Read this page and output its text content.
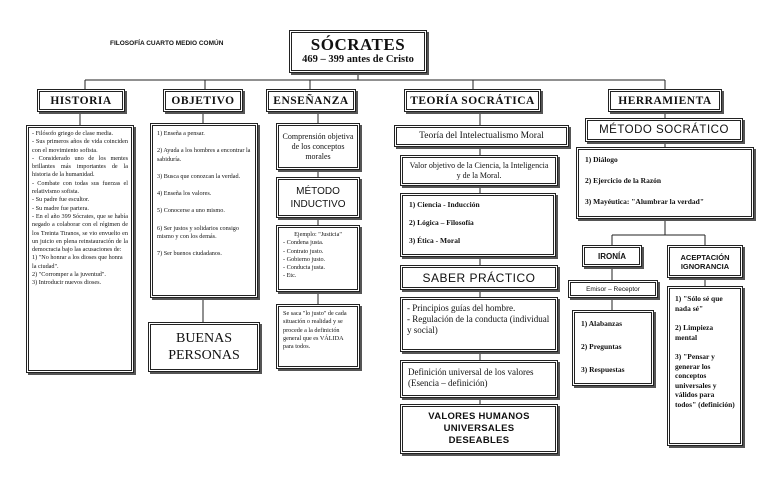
FILOSOFÍA CUARTO MEDIO COMÚN	SÓCRATES
469 – 399 antes de Cristo
HISTORIA

- Filósofo griego de clase media.

- Sus primeros años de vida coinciden con el movimiento sofista.

- Considerado uno de los mentes brillantes más importantes de la historia de la humanidad.

- Combate con todas sus fuerzas el relativismo sofista.

- Su padre fue escultor.

- Su madre fue partera.

- En el año 399 Sócrates, que se había negado a colaborar con el régimen de los Treinta Tiranos, se vio envuelto en un juicio en plena reinstauración de la democracia bajo las acusaciones de:

1) "No honrar a los dioses que honra la ciudad".

2) "Corromper a la juventud".

3) Introducir nuevos dioses.

OBJETIVO

1) Enseña a pensar.

2) Ayuda a los hombres a encontrar la sabiduría.

3) Busca que conozcan la verdad.

4) Enseña los valores.

5) Conocerse a uno mismo.

6) Ser justos y solidarios consigo mismo y con los demás.

7) Ser buenos ciudadanos.

BUENAS PERSONAS
ENSEÑANZA
Comprensión objetiva de los conceptos morales
MÉTODO INDUCTIVO

Ejemplo: "Justicia"

- Condena justa.

- Contrato justo.

- Gobierno justo.

- Conducta justa.

- Etc.

Se saca "lo justo" de cada situación o realidad y se procede a la definición general que es VÁLIDA para todos.
TEORÍA SOCRÁTICA
Teoría del Intelectualismo Moral
Valor objetivo de la Ciencia, la Inteligencia y de la Moral.
1) Ciencia - Inducción
2) Lógica – Filosofía
3) Ética - Moral
SABER PRÁCTICO
- Principios guías del hombre.
- Regulación de la conducta (individual y social)
Definición universal de los valores (Esencia – definición)
VALORES HUMANOS UNIVERSALES DESEABLES
HERRAMIENTA
MÉTODO SOCRÁTICO
1) Diálogo
2) Ejercicio de la Razón
3) Mayéutica: "Alumbrar la verdad"
IRONÍA
Emisor – Receptor
1) Alabanzas
2) Preguntas
3) Respuestas
ACEPTACIÓN IGNORANCIA
1) "Sólo sé que nada sé"
2) Limpieza mental
3) "Pensar y generar los conceptos universales y válidos para todos" (definición)
